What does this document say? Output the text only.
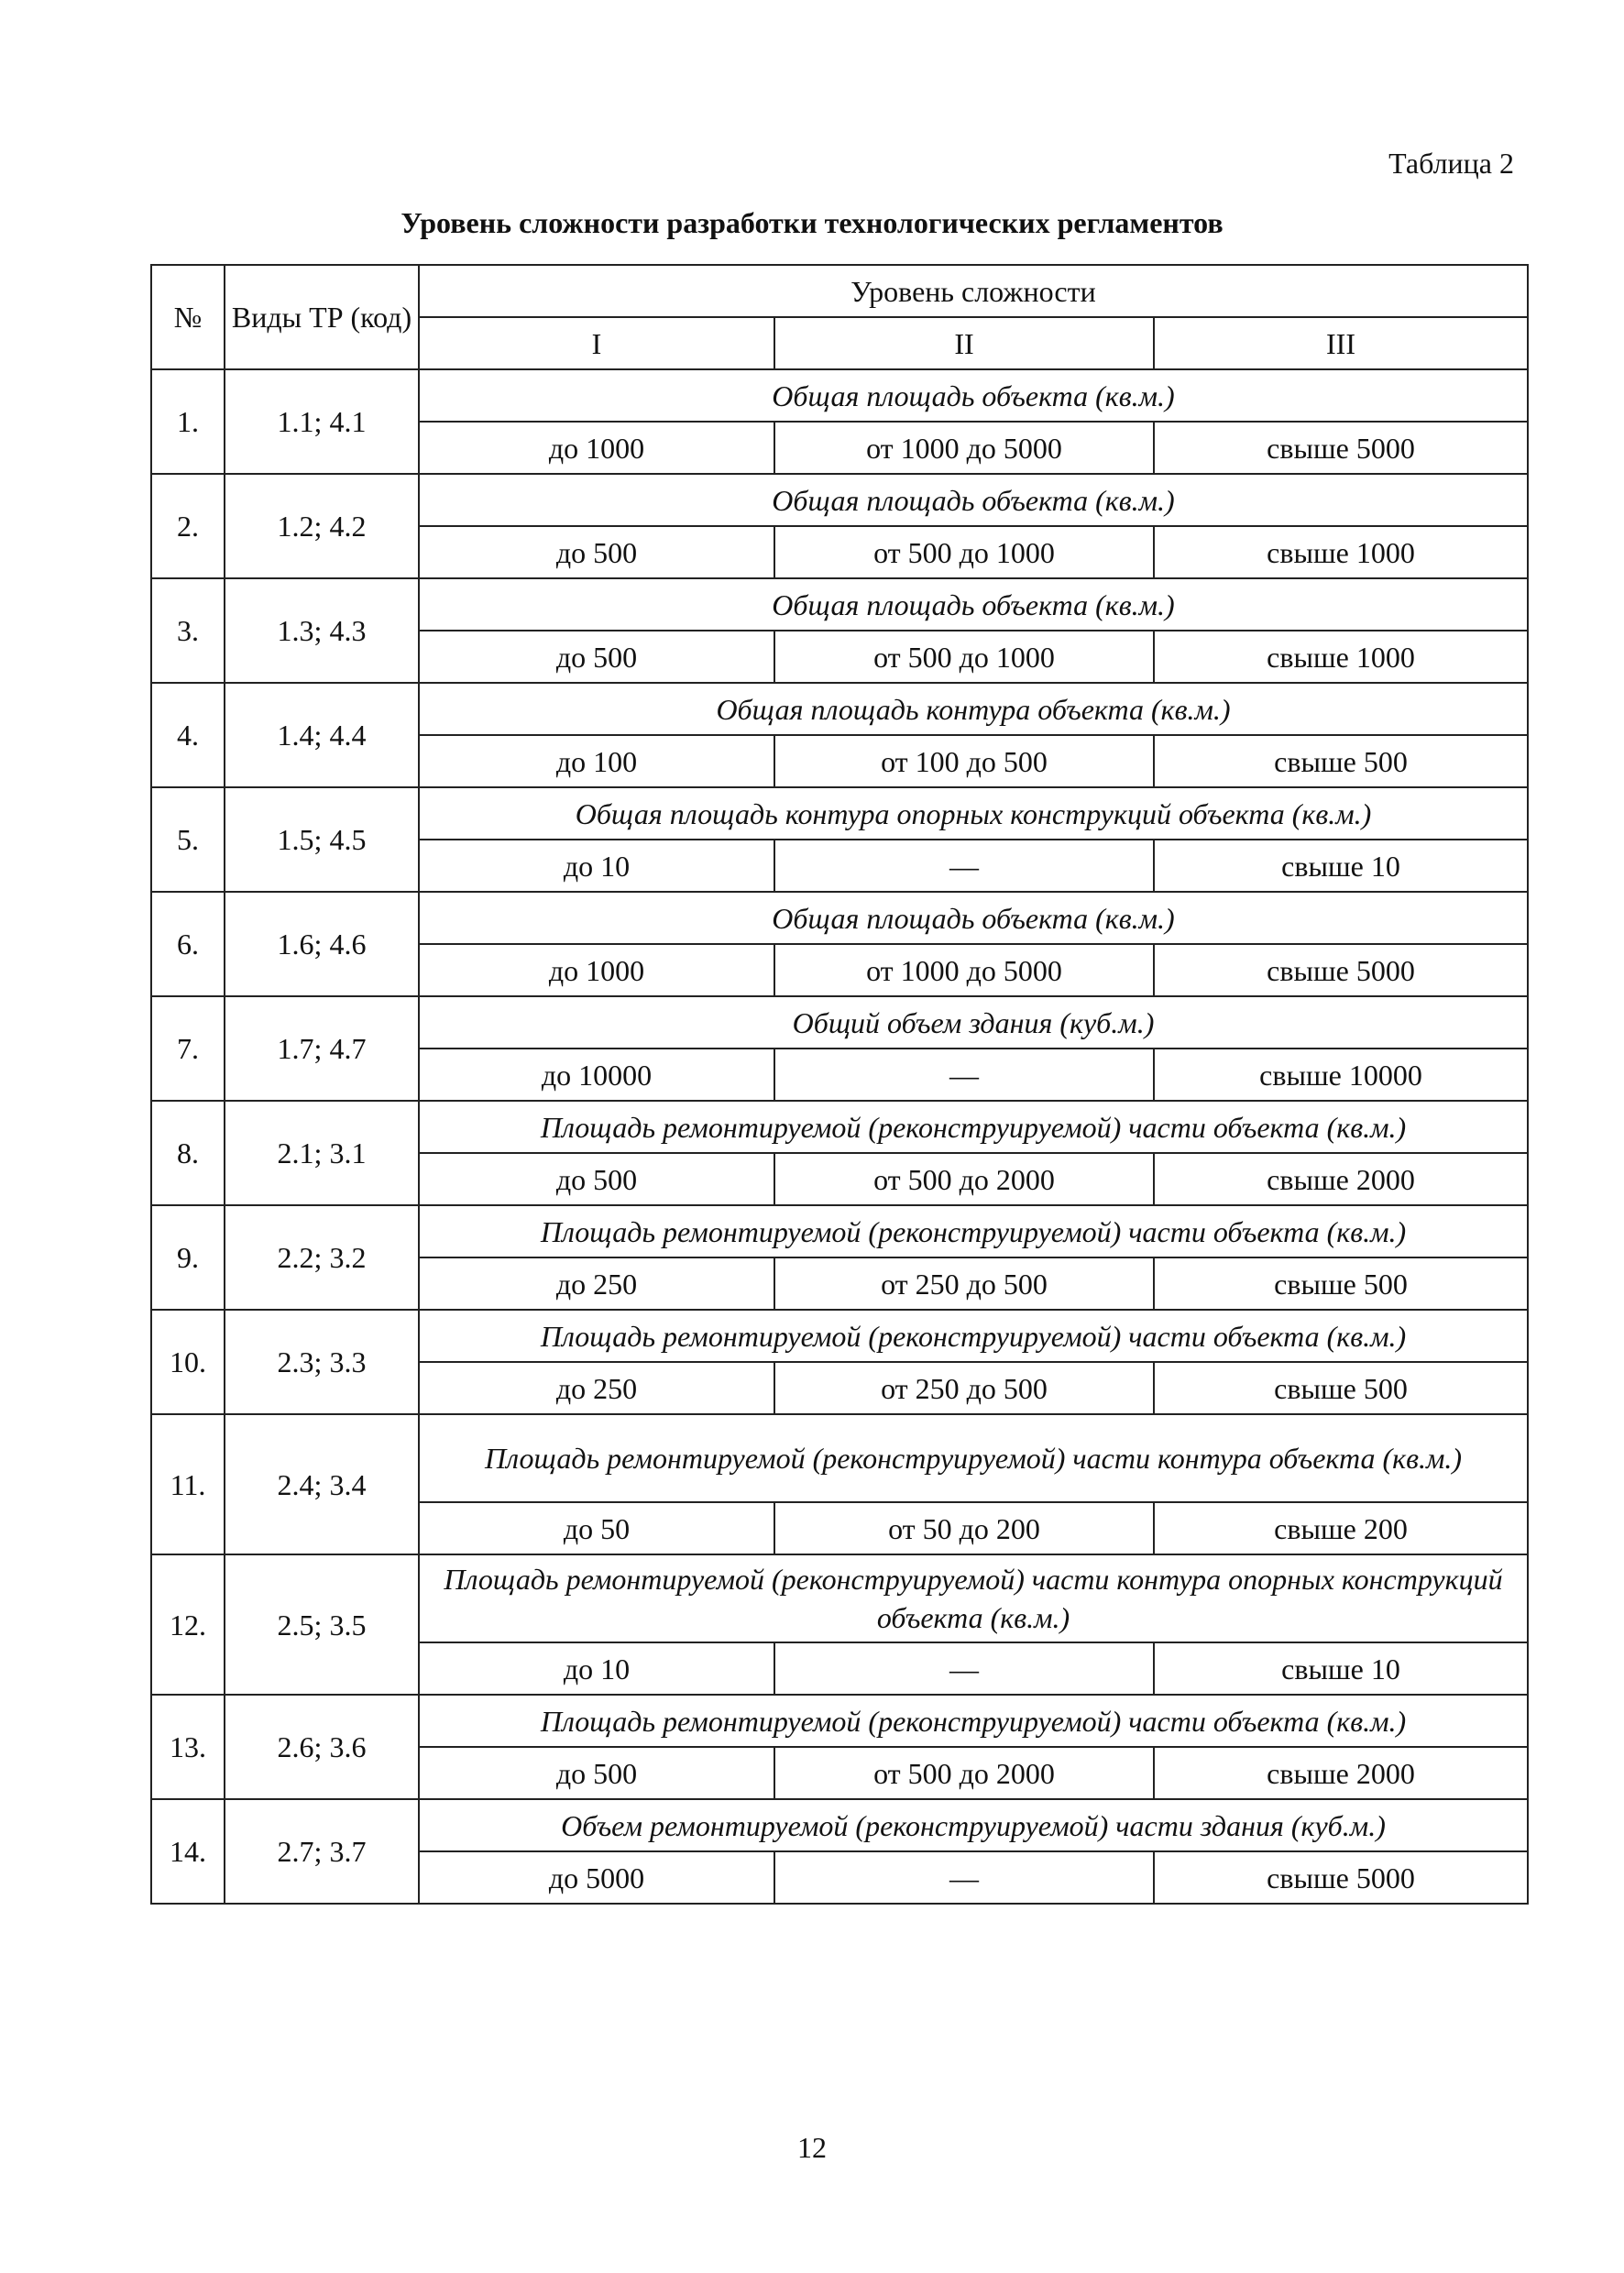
Таблица 2
Уровень сложности разработки технологических регламентов
№	Виды ТР (код)	Уровень сложности		
		I	II	III
1.	1.1; 4.1	Общая площадь объекта (кв.м.)		
		до 1000	от 1000 до 5000	свыше 5000
2.	1.2; 4.2	Общая площадь объекта (кв.м.)		
		до 500	от 500 до 1000	свыше 1000
3.	1.3; 4.3	Общая площадь объекта (кв.м.)		
		до 500	от 500 до 1000	свыше 1000
4.	1.4; 4.4	Общая площадь контура объекта (кв.м.)		
		до 100	от 100 до 500	свыше 500
5.	1.5; 4.5	Общая площадь контура опорных конструкций объекта (кв.м.)		
		до 10	—	свыше 10
6.	1.6; 4.6	Общая площадь объекта (кв.м.)		
		до 1000	от 1000 до 5000	свыше 5000
7.	1.7; 4.7	Общий объем здания (куб.м.)		
		до 10000	—	свыше 10000
8.	2.1; 3.1	Площадь ремонтируемой (реконструируемой) части объекта (кв.м.)		
		до 500	от 500 до 2000	свыше 2000
9.	2.2; 3.2	Площадь ремонтируемой (реконструируемой) части объекта (кв.м.)		
		до 250	от 250 до 500	свыше 500
10.	2.3; 3.3	Площадь ремонтируемой (реконструируемой) части объекта (кв.м.)		
		до 250	от 250 до 500	свыше 500
11.	2.4; 3.4	Площадь ремонтируемой (реконструируемой) части контура объекта (кв.м.)		
		до 50	от 50 до 200	свыше 200
12.	2.5; 3.5	Площадь ремонтируемой (реконструируемой) части контура опорных конструкций объекта (кв.м.)		
		до 10	—	свыше 10
13.	2.6; 3.6	Площадь ремонтируемой (реконструируемой) части объекта (кв.м.)		
		до 500	от 500 до 2000	свыше 2000
14.	2.7; 3.7	Объем ремонтируемой (реконструируемой) части здания (куб.м.)		
		до 5000	—	свыше 5000
12
